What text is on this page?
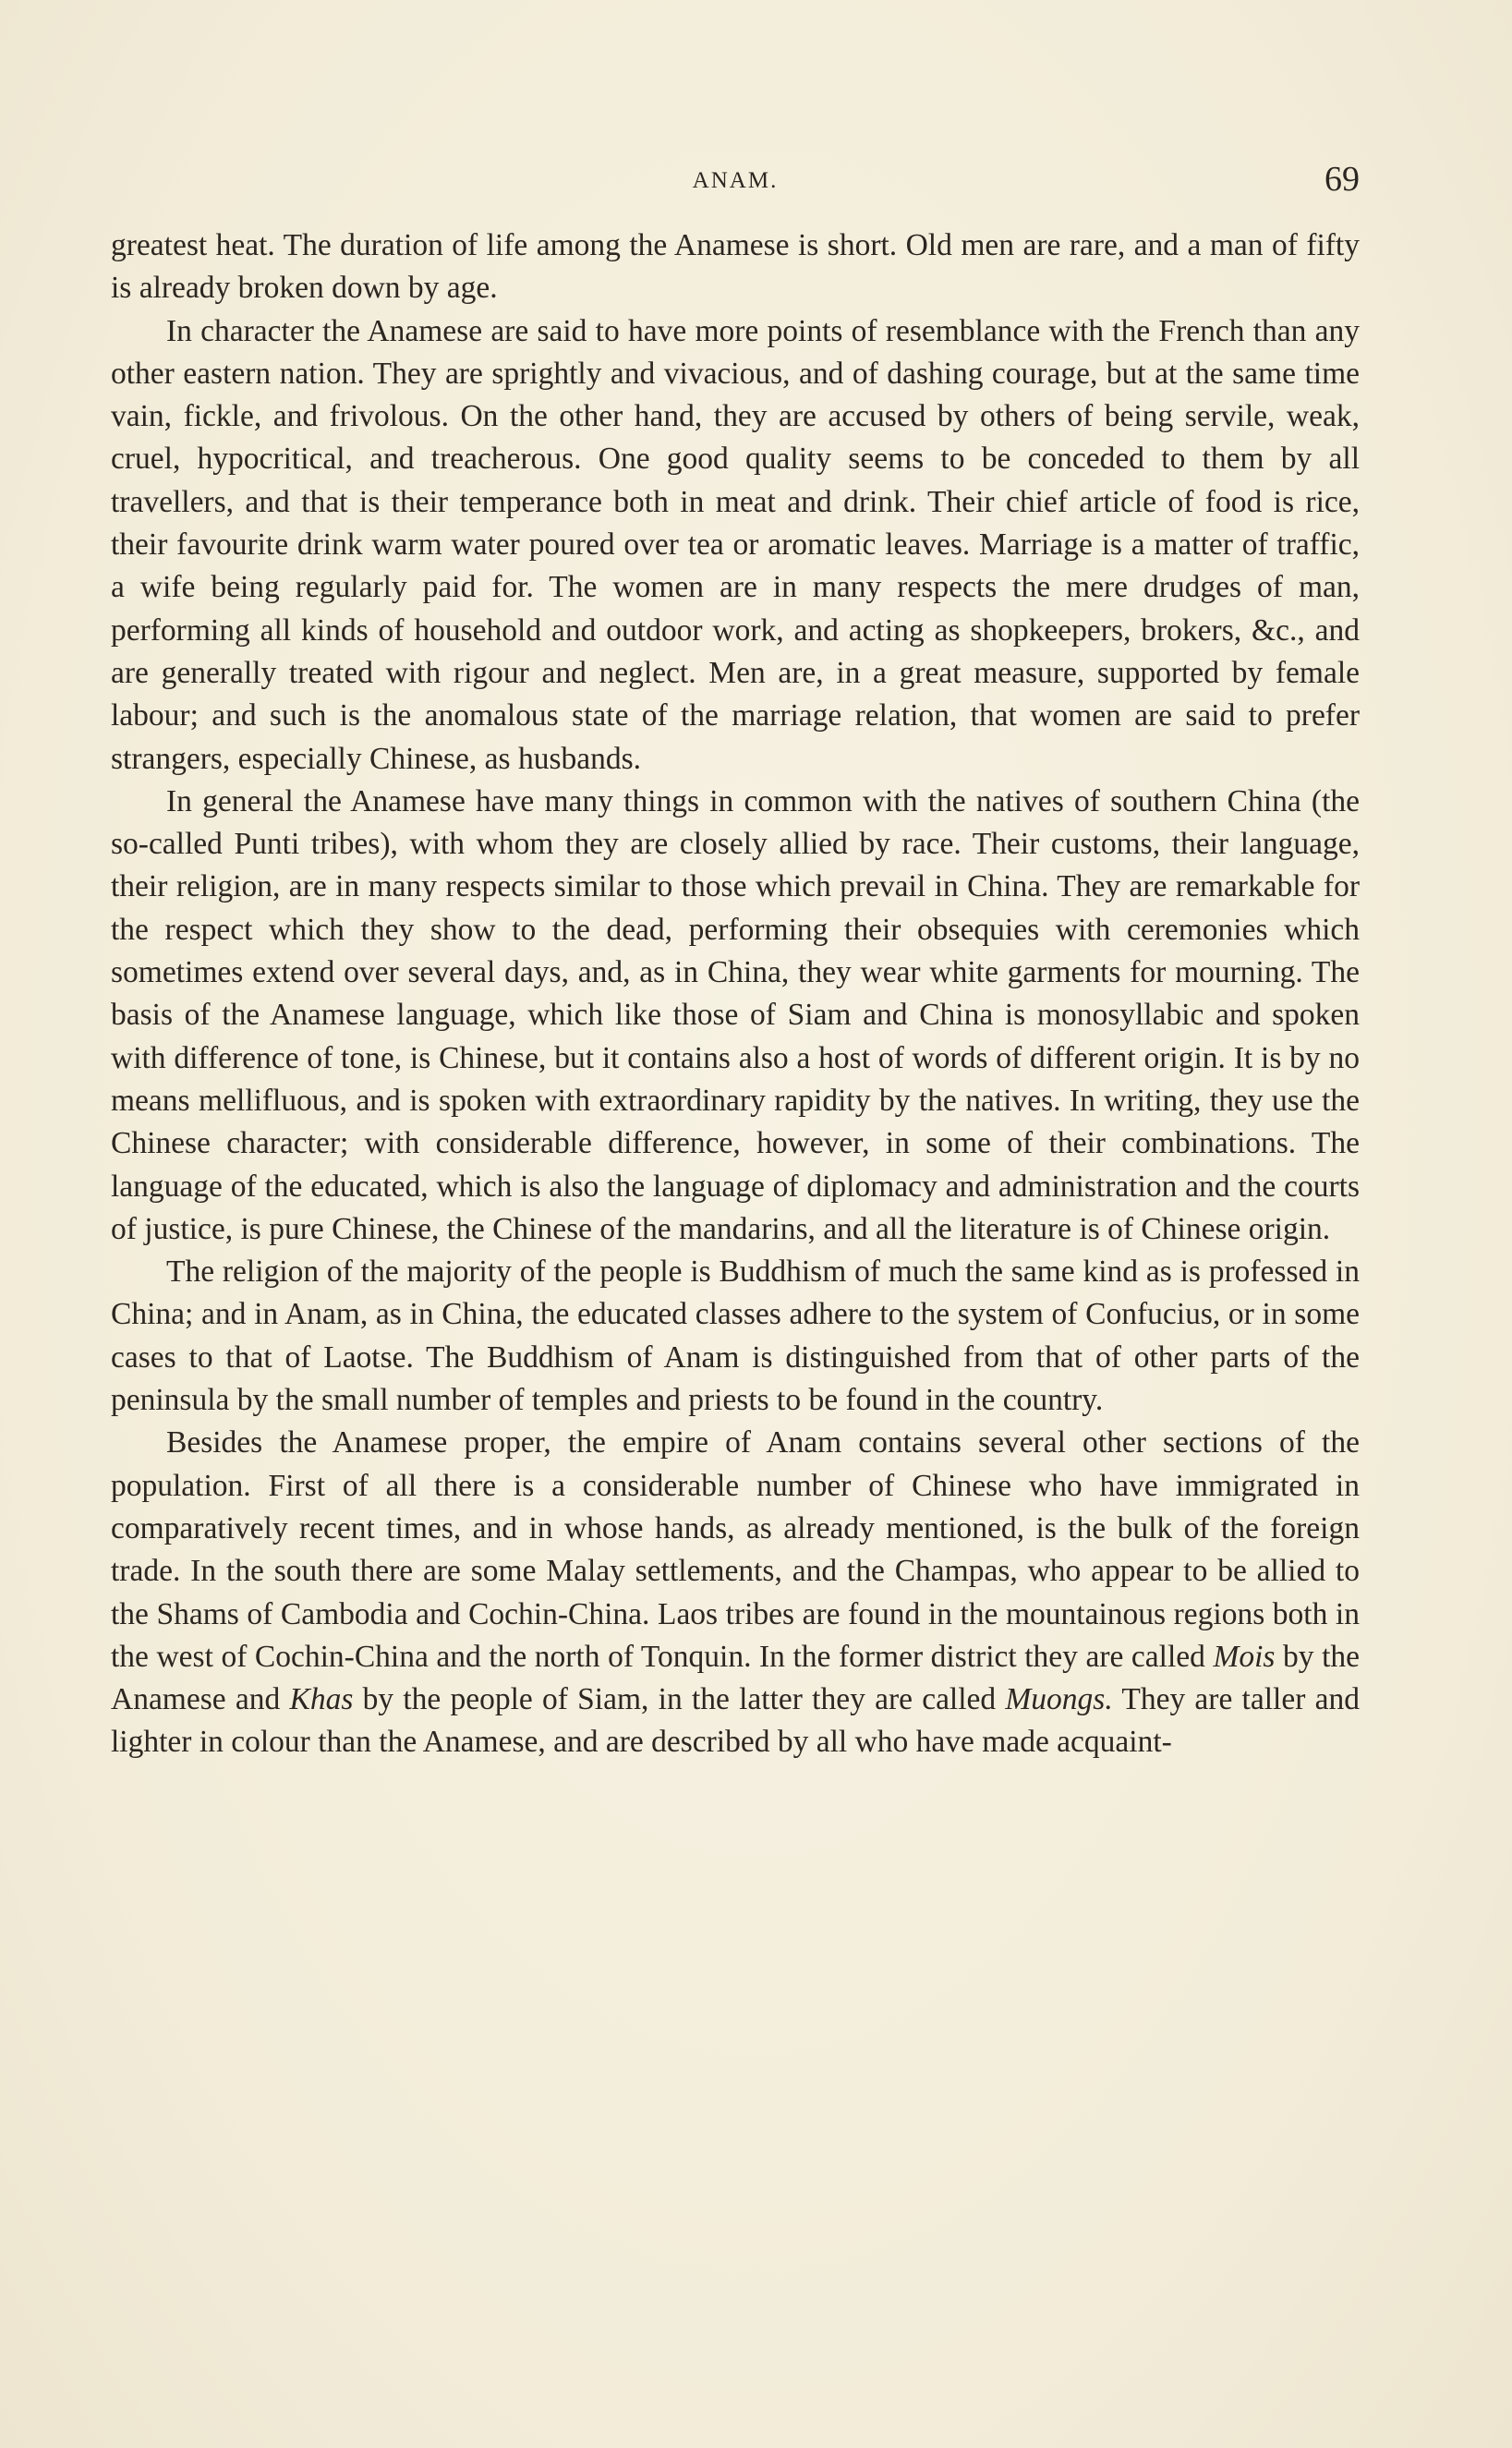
ANAM.	69

greatest heat. The duration of life among the Anamese is short. Old men are rare, and a man of fifty is already broken down by age.

In character the Anamese are said to have more points of resemblance with the French than any other eastern nation. They are sprightly and vivacious, and of dashing courage, but at the same time vain, fickle, and frivolous. On the other hand, they are accused by others of being servile, weak, cruel, hypocritical, and treacherous. One good quality seems to be conceded to them by all travellers, and that is their temperance both in meat and drink. Their chief article of food is rice, their favourite drink warm water poured over tea or aromatic leaves. Marriage is a matter of traffic, a wife being regularly paid for. The women are in many respects the mere drudges of man, performing all kinds of household and outdoor work, and acting as shopkeepers, brokers, &c., and are generally treated with rigour and neglect. Men are, in a great measure, supported by female labour; and such is the anomalous state of the marriage relation, that women are said to prefer strangers, especially Chinese, as husbands.

In general the Anamese have many things in common with the natives of southern China (the so-called Punti tribes), with whom they are closely allied by race. Their customs, their language, their religion, are in many respects similar to those which prevail in China. They are remarkable for the respect which they show to the dead, performing their obsequies with ceremonies which sometimes extend over several days, and, as in China, they wear white garments for mourning. The basis of the Anamese language, which like those of Siam and China is monosyllabic and spoken with difference of tone, is Chinese, but it contains also a host of words of different origin. It is by no means mellifluous, and is spoken with extraordinary rapidity by the natives. In writing, they use the Chinese character; with considerable difference, however, in some of their combinations. The language of the educated, which is also the language of diplomacy and administration and the courts of justice, is pure Chinese, the Chinese of the mandarins, and all the literature is of Chinese origin.

The religion of the majority of the people is Buddhism of much the same kind as is professed in China; and in Anam, as in China, the educated classes adhere to the system of Confucius, or in some cases to that of Laotse. The Buddhism of Anam is distinguished from that of other parts of the peninsula by the small number of temples and priests to be found in the country.

Besides the Anamese proper, the empire of Anam contains several other sections of the population. First of all there is a considerable number of Chinese who have immigrated in comparatively recent times, and in whose hands, as already mentioned, is the bulk of the foreign trade. In the south there are some Malay settlements, and the Champas, who appear to be allied to the Shams of Cambodia and Cochin-China. Laos tribes are found in the mountainous regions both in the west of Cochin-China and the north of Tonquin. In the former district they are called Mois by the Anamese and Khas by the people of Siam, in the latter they are called Muongs. They are taller and lighter in colour than the Anamese, and are described by all who have made acquaint-
